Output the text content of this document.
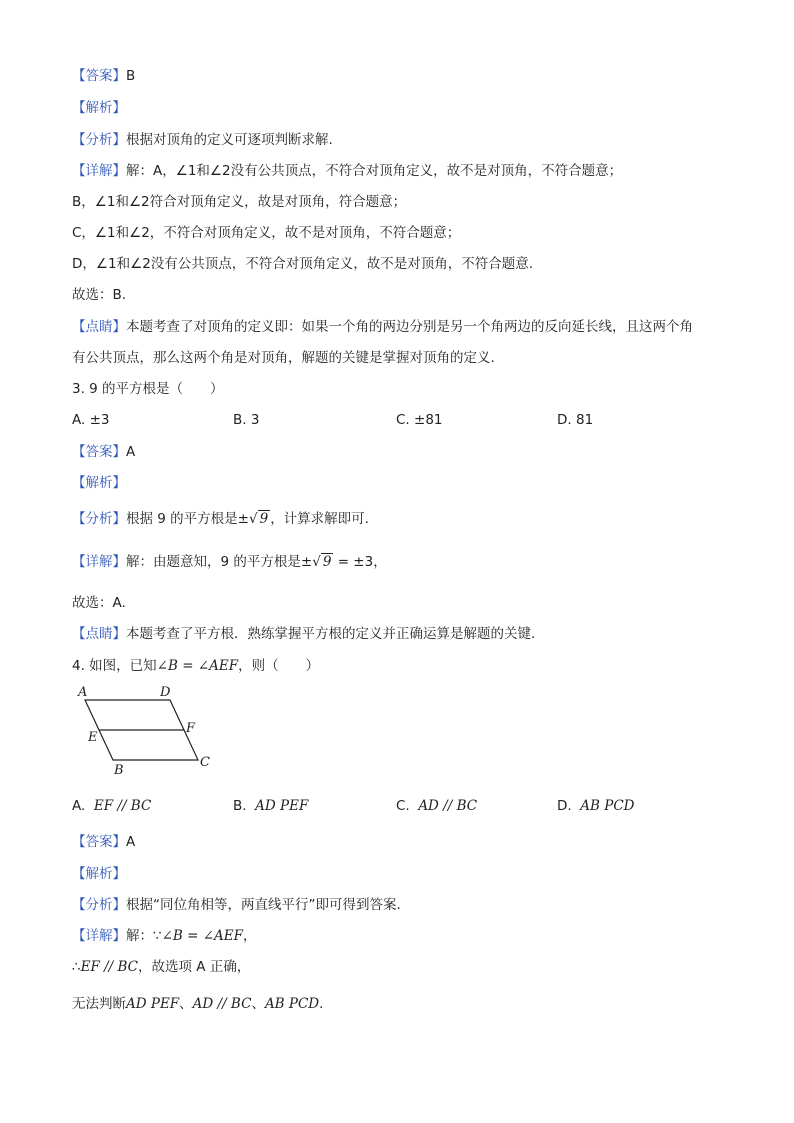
【答案】B
【解析】
【分析】根据对顶角的定义可逐项判断求解.
【详解】解：A，∠1和∠2没有公共顶点，不符合对顶角定义，故不是对顶角，不符合题意；
B，∠1和∠2符合对顶角定义，故是对顶角，符合题意；
C，∠1和∠2，不符合对顶角定义，故不是对顶角，不符合题意；
D，∠1和∠2没有公共顶点，不符合对顶角定义，故不是对顶角，不符合题意.
故选：B.
【点睛】本题考查了对顶角的定义即：如果一个角的两边分别是另一个角两边的反向延长线，且这两个角
有公共顶点，那么这两个角是对顶角，解题的关键是掌握对顶角的定义.
3. 9 的平方根是（　　）
A. ±3	B. 3	C. ±81	D. 81
【答案】A
【解析】
【分析】根据 9 的平方根是±√ 9 ，计算求解即可.
【详解】解：由题意知，9 的平方根是±√ 9 = ±3，
故选：A.
【点睛】本题考查了平方根．熟练掌握平方根的定义并正确运算是解题的关键.
4. 如图，已知∠B = ∠AEF，则（　　）
A	D
E
F
B
C
A. EF // BC	B. AD PEF	C. AD // BC	D. AB PCD
【答案】A
【解析】
【分析】根据“同位角相等，两直线平行”即可得到答案.
【详解】解：∵∠B = ∠AEF，
∴EF // BC，故选项 A 正确，
无法判断AD PEF、AD // BC、AB PCD.
